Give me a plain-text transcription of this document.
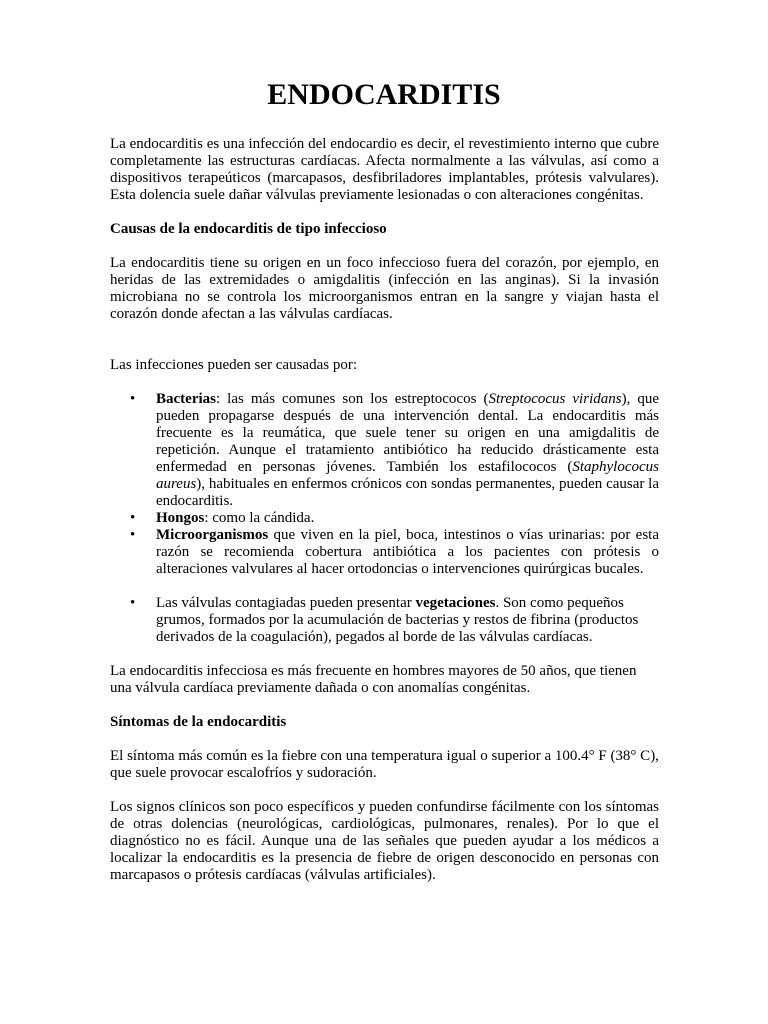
ENDOCARDITIS

La endocarditis es una infección del endocardio es decir, el revestimiento interno que cubre completamente las estructuras cardíacas. Afecta normalmente a las válvulas, así como a dispositivos terapeúticos (marcapasos, desfibriladores implantables, prótesis valvulares). Esta dolencia suele dañar válvulas previamente lesionadas o con alteraciones congénitas.

Causas de la endocarditis de tipo infeccioso

La endocarditis tiene su origen en un foco infeccioso fuera del corazón, por ejemplo, en heridas de las extremidades o amigdalitis (infección en las anginas). Si la invasión microbiana no se controla los microorganismos entran en la sangre y viajan hasta el corazón donde afectan a las válvulas cardíacas.

Las infecciones pueden ser causadas por:

• Bacterias: las más comunes son los estreptococos (Streptococus viridans), que pueden propagarse después de una intervención dental. La endocarditis más frecuente es la reumática, que suele tener su origen en una amigdalitis de repetición. Aunque el tratamiento antibiótico ha reducido drásticamente esta enfermedad en personas jóvenes. También los estafilococos (Staphylococus aureus), habituales en enfermos crónicos con sondas permanentes, pueden causar la endocarditis.
• Hongos: como la cándida.
• Microorganismos que viven en la piel, boca, intestinos o vías urinarias: por esta razón se recomienda cobertura antibiótica a los pacientes con prótesis o alteraciones valvulares al hacer ortodoncias o intervenciones quirúrgicas bucales.
• Las válvulas contagiadas pueden presentar vegetaciones. Son como pequeños grumos, formados por la acumulación de bacterias y restos de fibrina (productos derivados de la coagulación), pegados al borde de las válvulas cardíacas.

La endocarditis infecciosa es más frecuente en hombres mayores de 50 años, que tienen una válvula cardíaca previamente dañada o con anomalías congénitas.

Síntomas de la endocarditis

El síntoma más común es la fiebre con una temperatura igual o superior a 100.4° F (38° C), que suele provocar escalofríos y sudoración.

Los signos clínicos son poco específicos y pueden confundirse fácilmente con los síntomas de otras dolencias (neurológicas, cardiológicas, pulmonares, renales). Por lo que el diagnóstico no es fácil. Aunque una de las señales que pueden ayudar a los médicos a localizar la endocarditis es la presencia de fiebre de origen desconocido en personas con marcapasos o prótesis cardíacas (válvulas artificiales).
